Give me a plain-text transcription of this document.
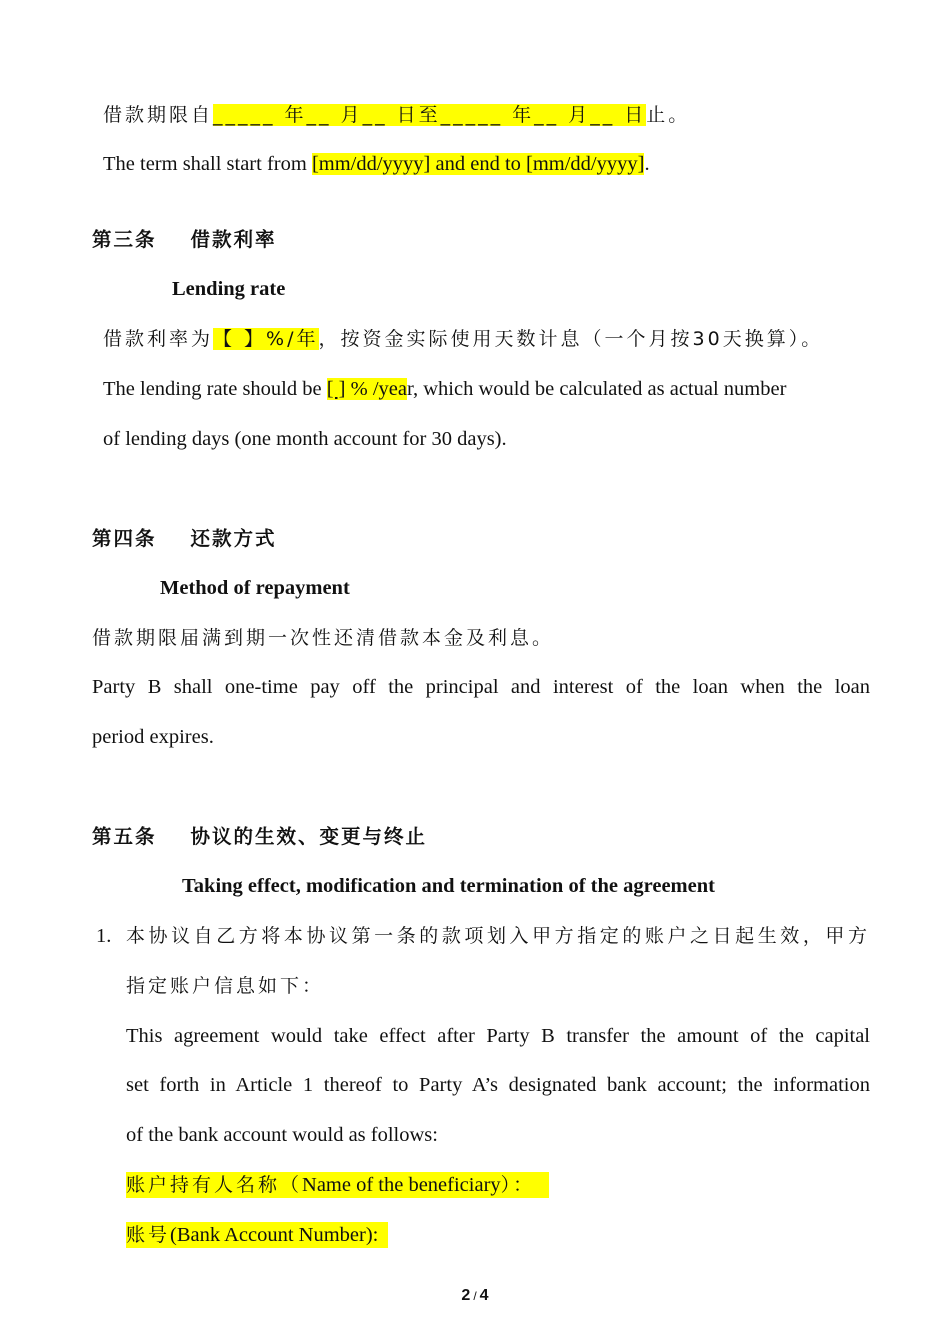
借款期限自_____ 年__ 月__ 日至_____ 年__ 月__ 日止。
The term shall start from [mm/dd/yyyy] and end to [mm/dd/yyyy].
第三条 借款利率
Lending rate
借款利率为【 】%/年，按资金实际使用天数计息（一个月按30天换算）。
The lending rate should be [ ] % /year, which would be calculated as actual number
of lending days (one month account for 30 days).
第四条 还款方式
Method of repayment
借款期限届满到期一次性还清借款本金及利息。
Party B shall one-time pay off the principal and interest of the loan when the loan
period expires.
第五条 协议的生效、变更与终止
Taking effect, modification and termination of the agreement
1. 本协议自乙方将本协议第一条的款项划入甲方指定的账户之日起生效，甲方
指定账户信息如下：
This agreement would take effect after Party B transfer the amount of the capital
set forth in Article 1 thereof to Party A’s designated bank account; the information
of the bank account would as follows:
账户持有人名称（Name of the beneficiary）：
账号(Bank Account Number):
2 / 4
